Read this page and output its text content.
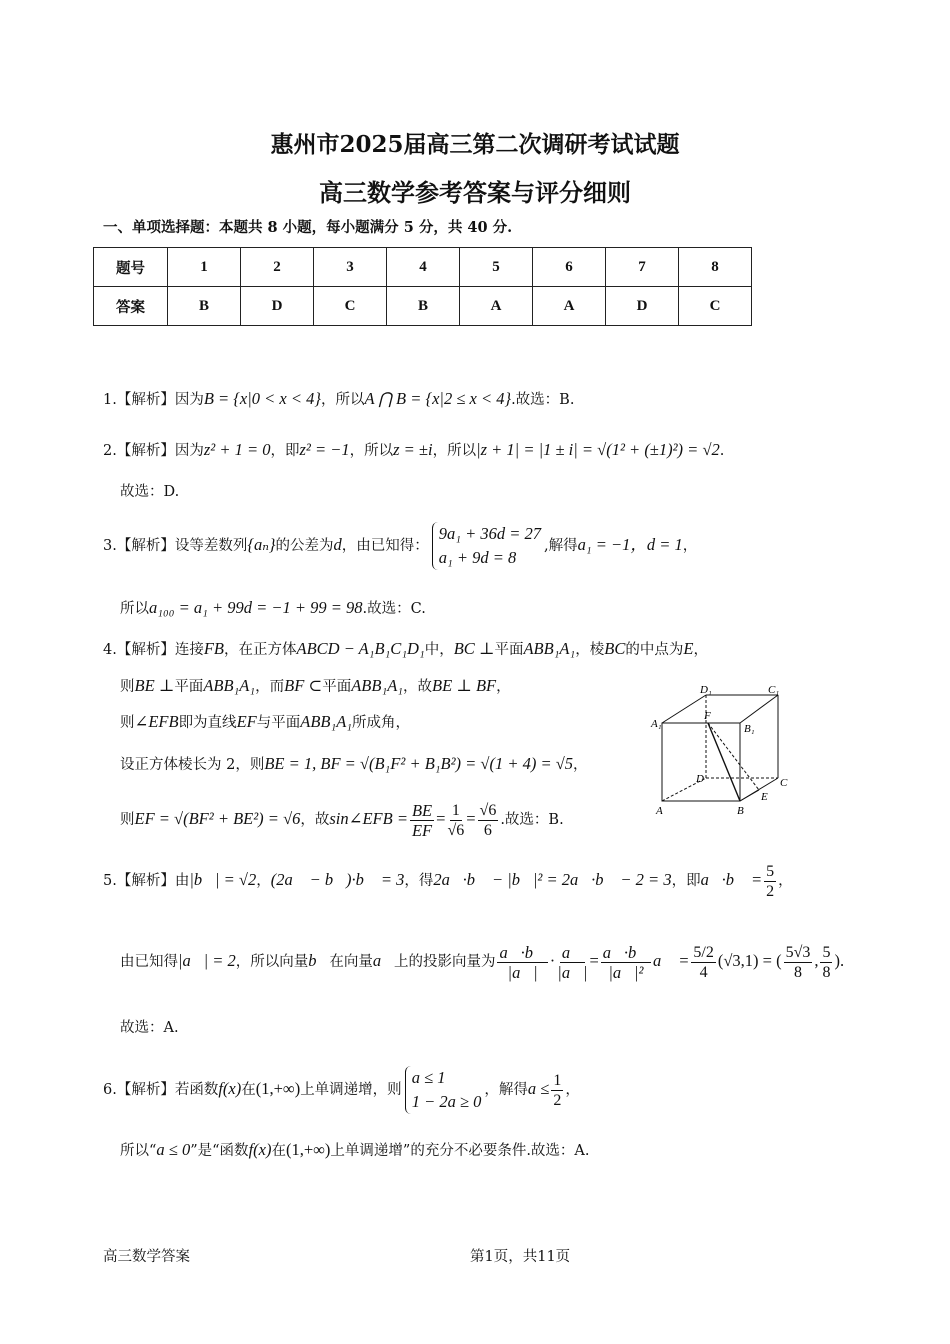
惠州市2025届高三第二次调研考试试题
高三数学参考答案与评分细则
一、单项选择题：本题共 8 小题，每小题满分 5 分，共 40 分.
题号	1	2	3	4	5	6	7	8
答案	B	D	C	B	A	A	D	C
1.【解析】因为B = {x|0 < x < 4}，所以A ⋂ B = {x|2 ≤ x < 4}.故选：B.
2.【解析】因为z² + 1 = 0，即z² = −1，所以z = ±i，所以|z + 1| = |1 ± i| = √(1² + (±1)²) = √2.
故选：D.
3.【解析】设等差数列{aₙ}的公差为d，由已知得：
9a₁ + 36d = 27
a₁ + 9d = 8
,解得a₁ = −1，d = 1，
所以a₁₀₀ = a₁ + 99d = −1 + 99 = 98.故选：C.
4.【解析】连接FB，在正方体ABCD − A₁B₁C₁D₁中，BC ⊥平面ABB₁A₁，棱BC的中点为E，
则BE ⊥平面ABB₁A₁，而BF ⊂平面ABB₁A₁，故BE ⊥ BF，
则∠EFB即为直线EF与平面ABB₁A₁所成角，
设正方体棱长为 2，则BE = 1, BF = √(B₁F² + B₁B²) = √(1 + 4) = √5，
则EF = √(BF² + BE²) = √6，故sin∠EFB = $\frac{BE}{EF} = \frac{1}{√6} = \frac{√6}{6}$ .故选：B.
D₁	C₁
A₁
F
B₁
D	C
E
A	B
5.【解析】由|b⃗| = √2，(2a⃗ − b⃗)·b⃗ = 3，得2a⃗·b⃗ − |b⃗|² = 2a⃗·b⃗ − 2 = 3，即a⃗·b⃗ = $\frac{5}{2}$ ，
由已知得|a⃗| = 2，所以向量b⃗在向量a⃗上的投影向量为 $\frac{a⃗\cdot b⃗}{|a⃗|} \cdot \frac{a⃗}{|a⃗|} = \frac{a⃗\cdot b⃗}{\text{|a⃗|²}}$ a⃗ = $\frac{5/2}{4} (√3,1)$ = ( $\frac{5√3}{8}$ , $\frac{5}{8}$ ).
故选：A.
6.【解析】若函数f(x)在(1,+∞)上单调递增，则
a ≤ 1
1 − 2a ≥ 0
，解得$a \le \frac{1}{2}$ ，
所以“a ≤ 0”是“函数f(x)在(1,+∞)上单调递增”的充分不必要条件.故选：A.
高三数学答案	第1页，共11页
